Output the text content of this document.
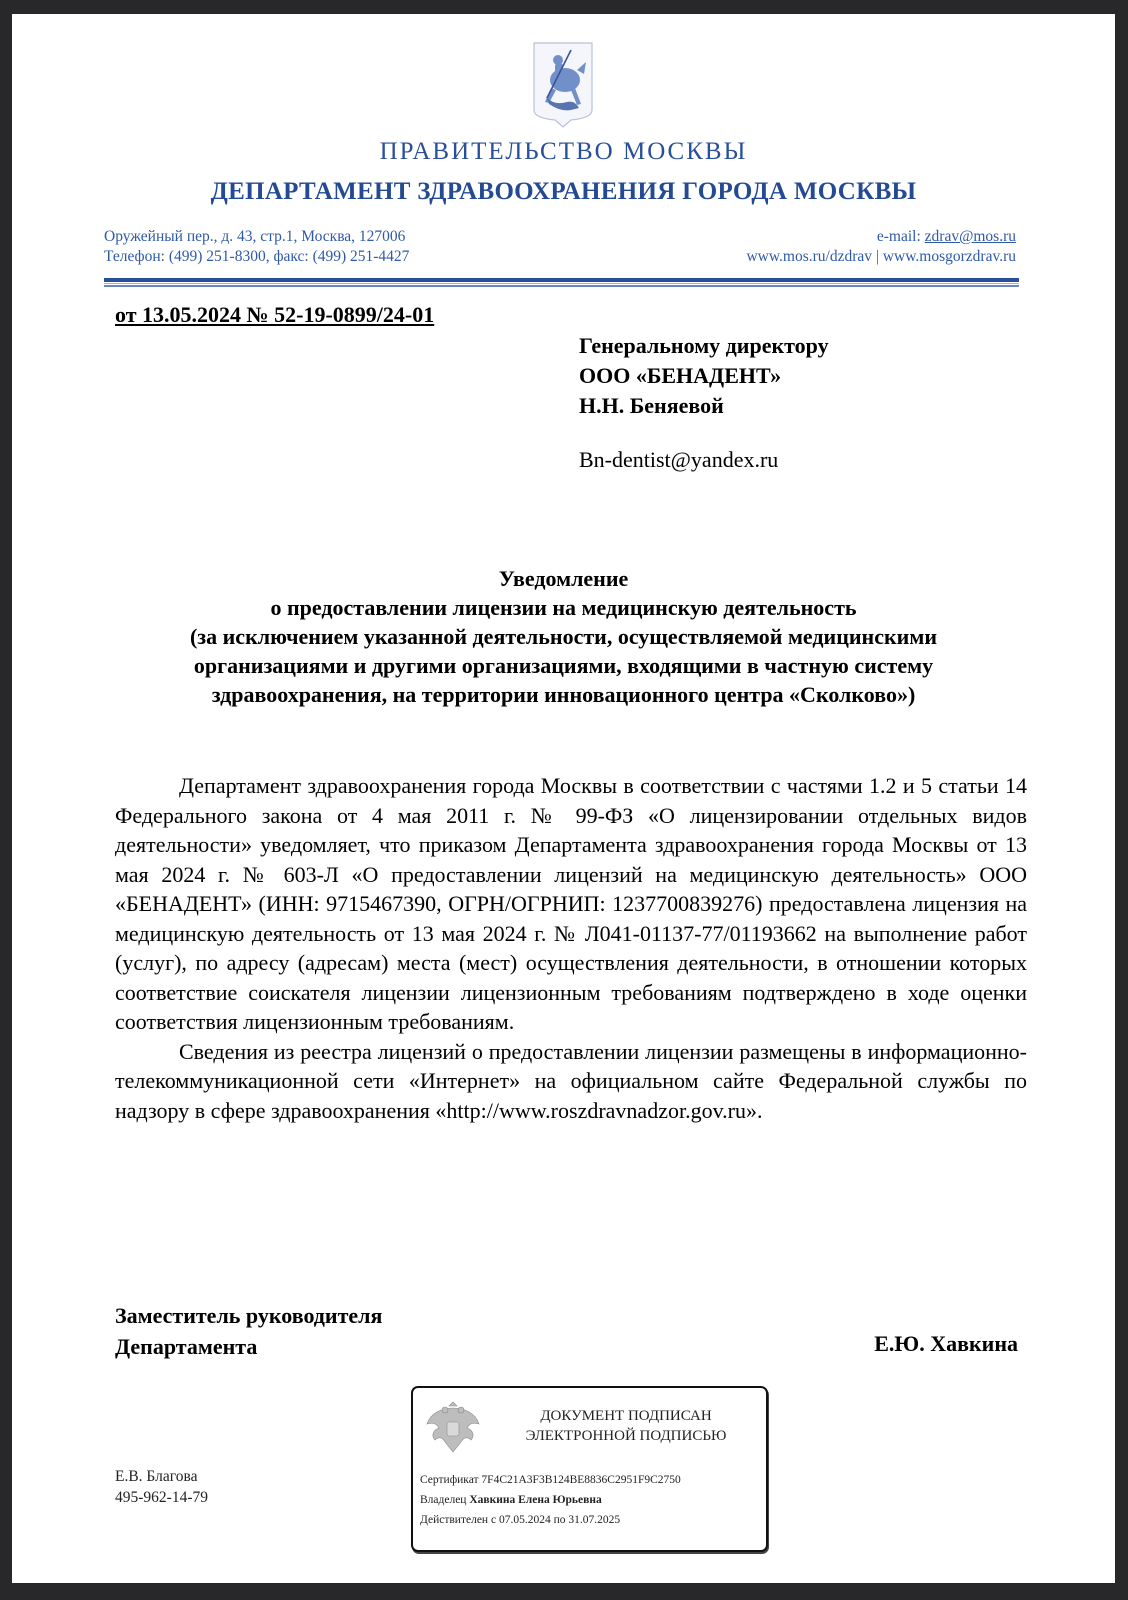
ПРАВИТЕЛЬСТВО МОСКВЫ
ДЕПАРТАМЕНТ ЗДРАВООХРАНЕНИЯ ГОРОДА МОСКВЫ
Оружейный пер., д. 43, стр.1, Москва, 127006
Телефон: (499) 251-8300, факс: (499) 251-4427
e-mail: zdrav@mos.ru
www.mos.ru/dzdrav | www.mosgorzdrav.ru
от 13.05.2024 № 52-19-0899/24-01
Генеральному директору
ООО «БЕНАДЕНТ»
Н.Н. Беняевой
Bn-dentist@yandex.ru
Уведомление
о предоставлении лицензии на медицинскую деятельность
(за исключением указанной деятельности, осуществляемой медицинскими
организациями и другими организациями, входящими в частную систему
здравоохранения, на территории инновационного центра «Сколково»)

Департамент здравоохранения города Москвы в соответствии с частями 1.2 и 5 статьи 14 Федерального закона от 4 мая 2011 г. № 99-ФЗ «О лицензировании отдельных видов деятельности» уведомляет, что приказом Департамента здравоохранения города Москвы от 13 мая 2024 г. № 603-Л «О предоставлении лицензий на медицинскую деятельность» ООО «БЕНАДЕНТ» (ИНН: 9715467390, ОГРН/ОГРНИП: 1237700839276) предоставлена лицензия на медицинскую деятельность от 13 мая 2024 г. № Л041-01137-77/01193662 на выполнение работ (услуг), по адресу (адресам) места (мест) осуществления деятельности, в отношении которых соответствие соискателя лицензии лицензионным требованиям подтверждено в ходе оценки соответствия лицензионным требованиям.

Сведения из реестра лицензий о предоставлении лицензии размещены в информационно-телекоммуникационной сети «Интернет» на официальном сайте Федеральной службы по надзору в сфере здравоохранения «http://www.roszdravnadzor.gov.ru».

Заместитель руководителя
Департамента	Е.Ю. Хавкина
ДОКУМЕНТ ПОДПИСАН
ЭЛЕКТРОННОЙ ПОДПИСЬЮ
Сертификат 7F4C21A3F3B124BE8836C2951F9C2750
Владелец Хавкина Елена Юрьевна
Действителен с 07.05.2024 по 31.07.2025
Е.В. Благова
495-962-14-79
